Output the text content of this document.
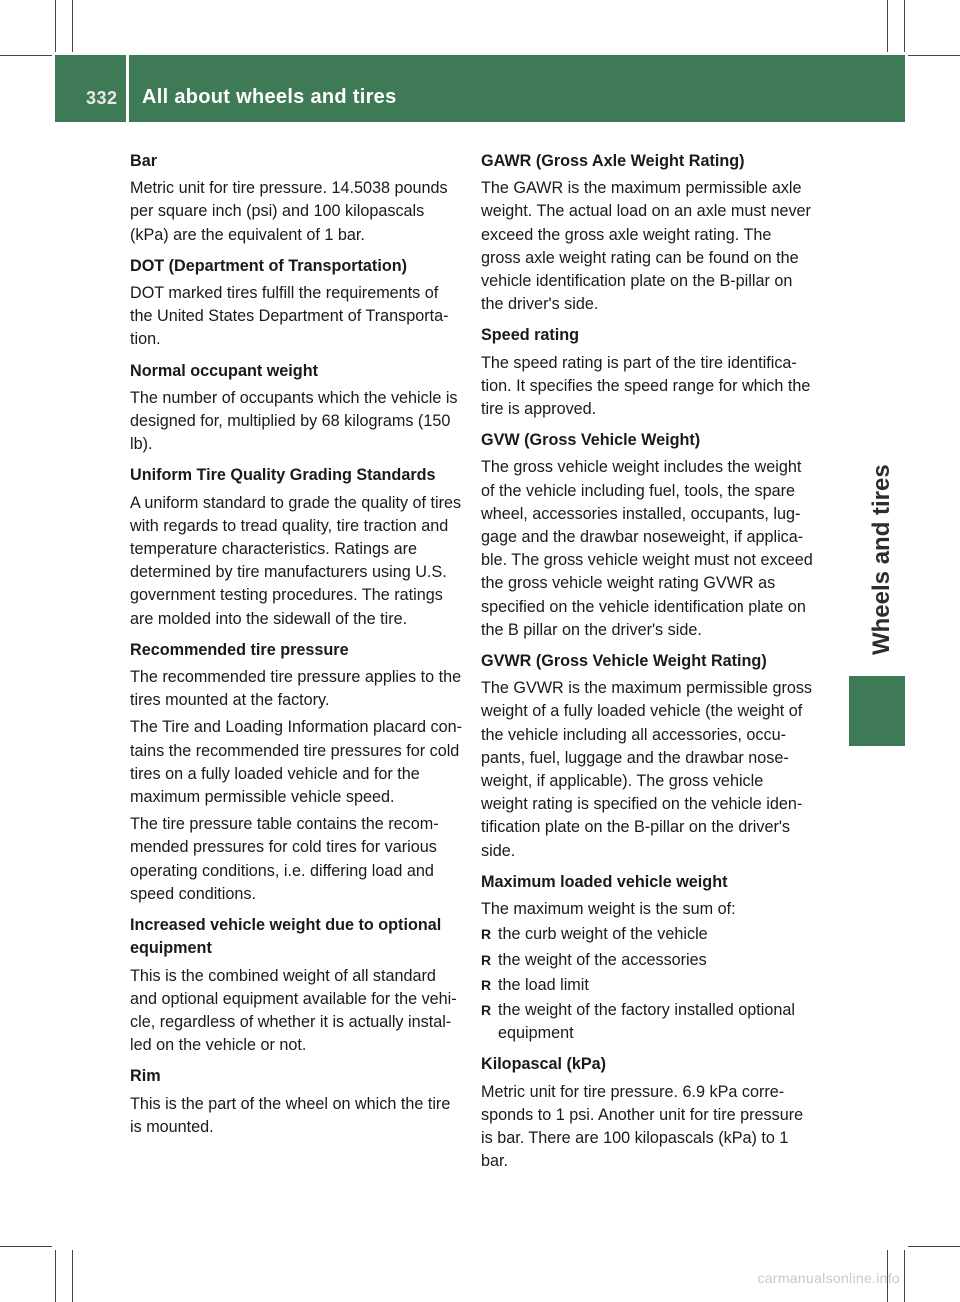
332 All about wheels and tires
Wheels and tires
Bar
Metric unit for tire pressure. 14.5038 pounds per square inch (psi) and 100 kilopascals (kPa) are the equivalent of 1 bar.
DOT (Department of Transportation)
DOT marked tires fulfill the requirements of the United States Department of Transporta-tion.
Normal occupant weight
The number of occupants which the vehicle is designed for, multiplied by 68 kilograms (150 lb).
Uniform Tire Quality Grading Standards
A uniform standard to grade the quality of tires with regards to tread quality, tire traction and temperature characteristics. Ratings are determined by tire manufacturers using U.S. government testing procedures. The ratings are molded into the sidewall of the tire.
Recommended tire pressure
The recommended tire pressure applies to the tires mounted at the factory.
The Tire and Loading Information placard con-tains the recommended tire pressures for cold tires on a fully loaded vehicle and for the maximum permissible vehicle speed.
The tire pressure table contains the recom-mended pressures for cold tires for various operating conditions, i.e. differing load and speed conditions.
Increased vehicle weight due to optional equipment
This is the combined weight of all standard and optional equipment available for the vehi-cle, regardless of whether it is actually instal-led on the vehicle or not.
Rim
This is the part of the wheel on which the tire is mounted.
GAWR (Gross Axle Weight Rating)
The GAWR is the maximum permissible axle weight. The actual load on an axle must never exceed the gross axle weight rating. The gross axle weight rating can be found on the vehicle identification plate on the B-pillar on the driver's side.
Speed rating
The speed rating is part of the tire identifica-tion. It specifies the speed range for which the tire is approved.
GVW (Gross Vehicle Weight)
The gross vehicle weight includes the weight of the vehicle including fuel, tools, the spare wheel, accessories installed, occupants, lug-gage and the drawbar noseweight, if applica-ble. The gross vehicle weight must not exceed the gross vehicle weight rating GVWR as specified on the vehicle identification plate on the B pillar on the driver's side.
GVWR (Gross Vehicle Weight Rating)
The GVWR is the maximum permissible gross weight of a fully loaded vehicle (the weight of the vehicle including all accessories, occu-pants, fuel, luggage and the drawbar nose-weight, if applicable). The gross vehicle weight rating is specified on the vehicle iden-tification plate on the B-pillar on the driver's side.
Maximum loaded vehicle weight
The maximum weight is the sum of:
R the curb weight of the vehicle
R the weight of the accessories
R the load limit
R the weight of the factory installed optional equipment
Kilopascal (kPa)
Metric unit for tire pressure. 6.9 kPa corre-sponds to 1 psi. Another unit for tire pressure is bar. There are 100 kilopascals (kPa) to 1 bar.
carmanualsonline.info
